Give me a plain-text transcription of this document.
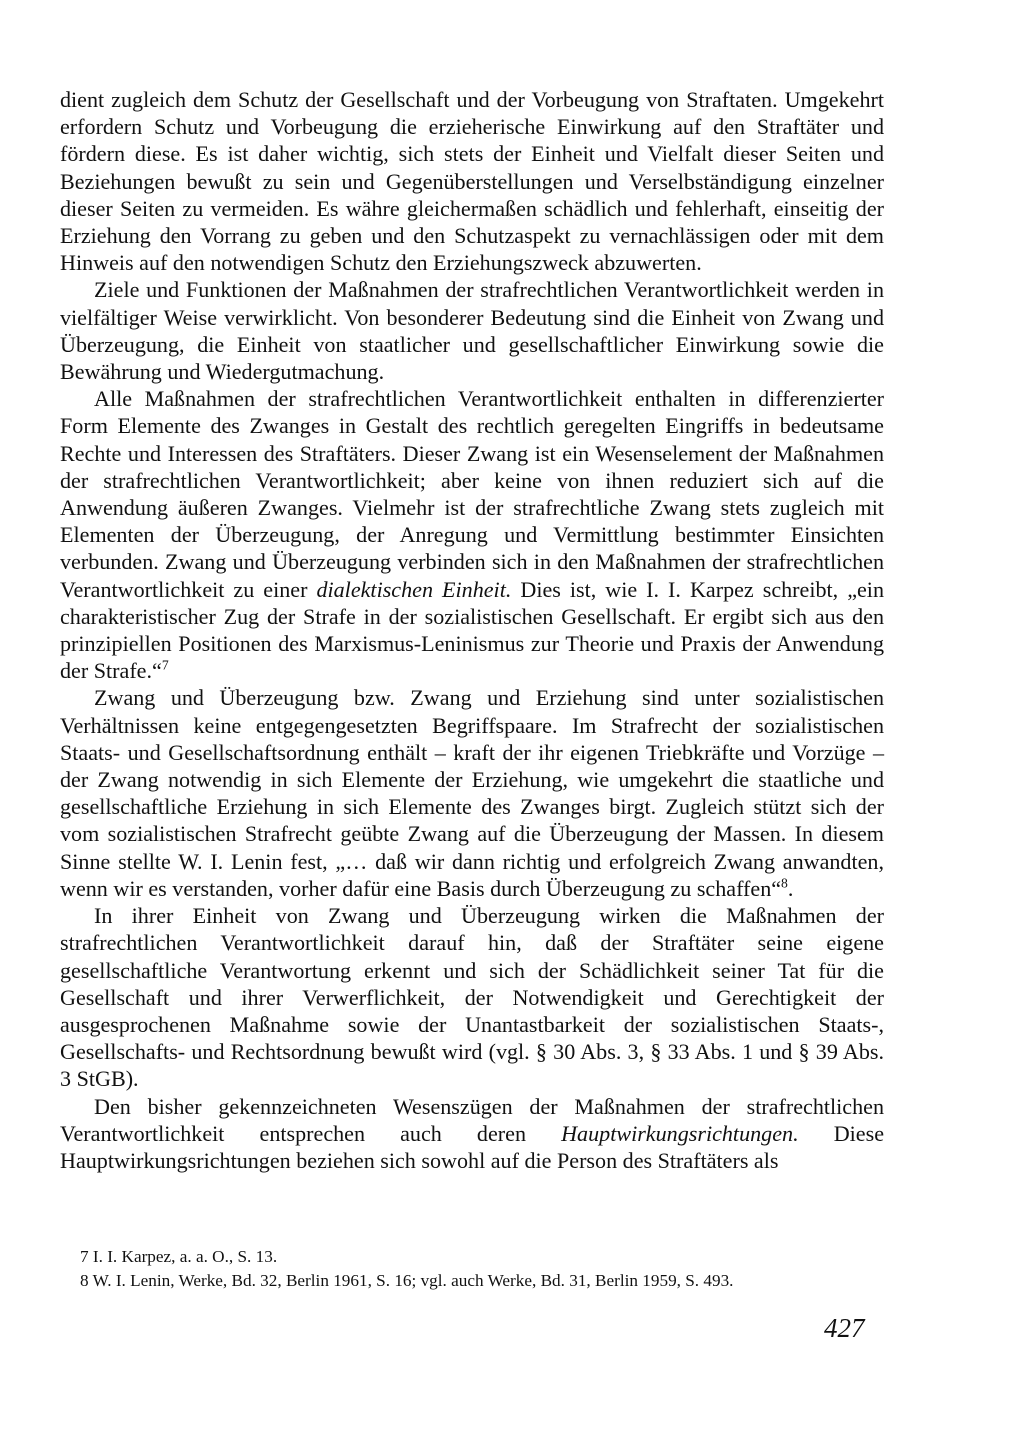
dient zugleich dem Schutz der Gesellschaft und der Vorbeugung von Straftaten. Umgekehrt erfordern Schutz und Vorbeugung die erzieherische Einwirkung auf den Straftäter und fördern diese. Es ist daher wichtig, sich stets der Einheit und Vielfalt dieser Seiten und Beziehungen bewußt zu sein und Gegenüberstellungen und Verselbständigung einzelner dieser Seiten zu vermeiden. Es währe gleichermaßen schädlich und fehlerhaft, einseitig der Erziehung den Vorrang zu geben und den Schutzaspekt zu vernachlässigen oder mit dem Hinweis auf den notwendigen Schutz den Erziehungszweck abzuwerten.

Ziele und Funktionen der Maßnahmen der strafrechtlichen Verantwortlichkeit werden in vielfältiger Weise verwirklicht. Von besonderer Bedeutung sind die Einheit von Zwang und Überzeugung, die Einheit von staatlicher und gesellschaftlicher Einwirkung sowie die Bewährung und Wiedergutmachung.

Alle Maßnahmen der strafrechtlichen Verantwortlichkeit enthalten in differenzierter Form Elemente des Zwanges in Gestalt des rechtlich geregelten Eingriffs in bedeutsame Rechte und Interessen des Straftäters. Dieser Zwang ist ein Wesenselement der Maßnahmen der strafrechtlichen Verantwortlichkeit; aber keine von ihnen reduziert sich auf die Anwendung äußeren Zwanges. Vielmehr ist der strafrechtliche Zwang stets zugleich mit Elementen der Überzeugung, der Anregung und Vermittlung bestimmter Einsichten verbunden. Zwang und Überzeugung verbinden sich in den Maßnahmen der strafrechtlichen Verantwortlichkeit zu einer dialektischen Einheit. Dies ist, wie I. I. Karpez schreibt, „ein charakteristischer Zug der Strafe in der sozialistischen Gesellschaft. Er ergibt sich aus den prinzipiellen Positionen des Marxismus-Leninismus zur Theorie und Praxis der Anwendung der Strafe.“$^7$

Zwang und Überzeugung bzw. Zwang und Erziehung sind unter sozialistischen Verhältnissen keine entgegengesetzten Begriffspaare. Im Strafrecht der sozialistischen Staats- und Gesellschaftsordnung enthält – kraft der ihr eigenen Triebkräfte und Vorzüge – der Zwang notwendig in sich Elemente der Erziehung, wie umgekehrt die staatliche und gesellschaftliche Erziehung in sich Elemente des Zwanges birgt. Zugleich stützt sich der vom sozialistischen Strafrecht geübte Zwang auf die Überzeugung der Massen. In diesem Sinne stellte W. I. Lenin fest, „… daß wir dann richtig und erfolgreich Zwang anwandten, wenn wir es verstanden, vorher dafür eine Basis durch Überzeugung zu schaffen“$^8$.

In ihrer Einheit von Zwang und Überzeugung wirken die Maßnahmen der strafrechtlichen Verantwortlichkeit darauf hin, daß der Straftäter seine eigene gesellschaftliche Verantwortung erkennt und sich der Schädlichkeit seiner Tat für die Gesellschaft und ihrer Verwerflichkeit, der Notwendigkeit und Gerechtigkeit der ausgesprochenen Maßnahme sowie der Unantastbarkeit der sozialistischen Staats-, Gesellschafts- und Rechtsordnung bewußt wird (vgl. § 30 Abs. 3, § 33 Abs. 1 und § 39 Abs. 3 StGB).

Den bisher gekennzeichneten Wesenszügen der Maßnahmen der strafrechtlichen Verantwortlichkeit entsprechen auch deren Hauptwirkungsrichtungen. Diese Hauptwirkungsrichtungen beziehen sich sowohl auf die Person des Straftäters als

7 I. I. Karpez, a. a. O., S. 13.

8 W. I. Lenin, Werke, Bd. 32, Berlin 1961, S. 16; vgl. auch Werke, Bd. 31, Berlin 1959, S. 493.

427
